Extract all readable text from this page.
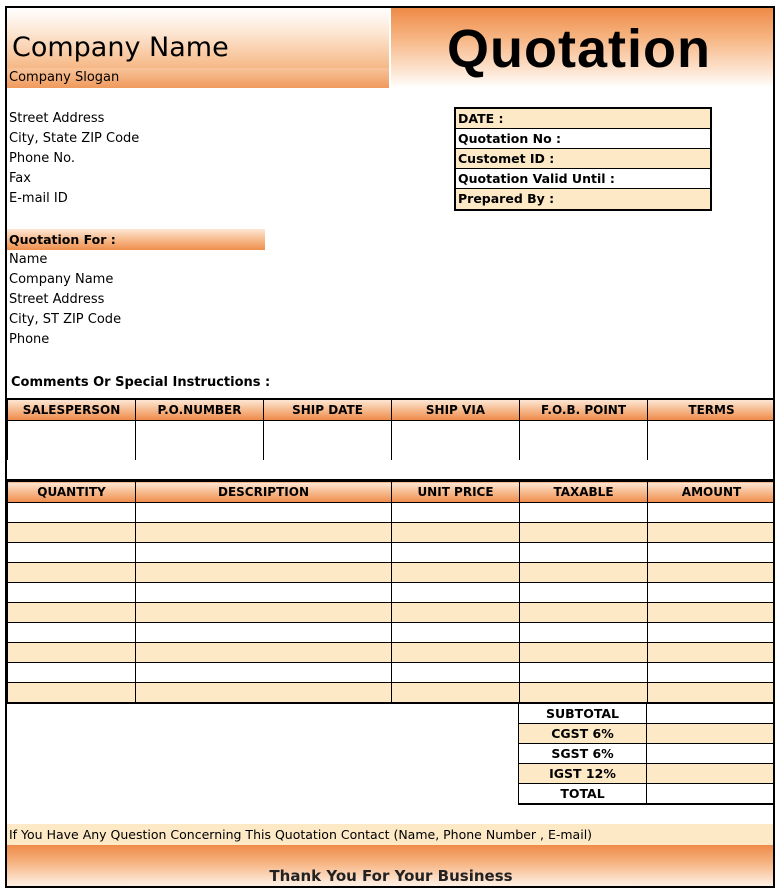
Company Name
Company Slogan	Quotation
Street Address
City, State ZIP Code
Phone No.
Fax
E-mail ID
DATE :
Quotation No :
Customet ID :
Quotation Valid Until :
Prepared By :
Quotation For :
Name
Company Name
Street Address
City, ST ZIP Code
Phone
Comments Or Special Instructions :
SALESPERSON	P.O.NUMBER	SHIP DATE	SHIP VIA	F.O.B. POINT	TERMS

QUANTITY	DESCRIPTION	UNIT PRICE	TAXABLE	AMOUNT

SUBTOTAL	
CGST 6%	
SGST 6%	
IGST 12%	
TOTAL	
If You Have Any Question Concerning This Quotation Contact (Name, Phone Number , E-mail)
Thank You For Your Business
